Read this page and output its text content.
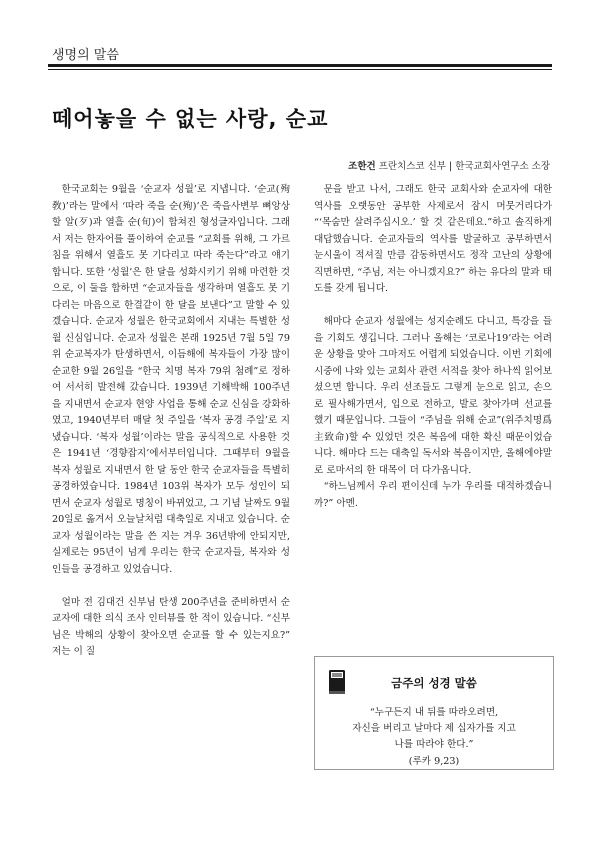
생명의 말씀
떼어놓을 수 없는 사랑, 순교
조한건 프란치스코 신부 | 한국교회사연구소 소장

한국교회는 9월을 ‘순교자 성월’로 지냅니다. ‘순교(殉敎)’라는 말에서 ‘따라 죽을 순(殉)’은 죽을사변부 뼈앙상할 알(歹)과 열흘 순(旬)이 합쳐진 형성글자입니다. 그래서 저는 한자어를 풀이하여 순교를 “교회를 위해, 그 가르침을 위해서 열흘도 못 기다리고 따라 죽는다”라고 얘기합니다. 또한 ‘성월’은 한 달을 성화시키기 위해 마련한 것으로, 이 둘을 합하면 “순교자들을 생각하며 열흘도 못 기다리는 마음으로 한결같이 한 달을 보낸다”고 말할 수 있겠습니다. 순교자 성월은 한국교회에서 지내는 특별한 성월 신심입니다. 순교자 성월은 본래 1925년 7월 5일 79위 순교복자가 탄생하면서, 이듬해에 복자들이 가장 많이 순교한 9월 26일을 “한국 치명 복자 79위 첨례”로 정하여 서서히 발전해 갔습니다. 1939년 기해박해 100주년을 지내면서 순교자 현양 사업을 통해 순교 신심을 강화하였고, 1940년부터 매달 첫 주일을 ‘복자 공경 주일’로 지냈습니다. ‘복자 성월’이라는 말을 공식적으로 사용한 것은 1941년 ‘경향잡지’에서부터입니다. 그때부터 9월을 복자 성월로 지내면서 한 달 동안 한국 순교자들을 특별히 공경하였습니다. 1984년 103위 복자가 모두 성인이 되면서 순교자 성월로 명칭이 바뀌었고, 그 기념 날짜도 9월 20일로 옮겨서 오늘날처럼 대축일로 지내고 있습니다. 순교자 성월이라는 말을 쓴 지는 겨우 36년밖에 안되지만, 실제로는 95년이 넘게 우리는 한국 순교자들, 복자와 성인들을 공경하고 있었습니다.

얼마 전 김대건 신부님 탄생 200주년을 준비하면서 순교자에 대한 의식 조사 인터뷰를 한 적이 있습니다. “신부님은 박해의 상황이 찾아오면 순교를 할 수 있는지요?” 저는 이 질

문을 받고 나서, 그래도 한국 교회사와 순교자에 대한 역사를 오랫동안 공부한 사제로서 잠시 머뭇거리다가 “‘목숨만 살려주십시오.’ 할 것 같은데요.”하고 솔직하게 대답했습니다. 순교자들의 역사를 발굴하고 공부하면서 눈시울이 적셔질 만큼 감동하면서도 정작 고난의 상황에 직면하면, “주님, 저는 아니겠지요?” 하는 유다의 말과 태도를 갖게 됩니다.

해마다 순교자 성월에는 성지순례도 다니고, 특강을 들을 기회도 생깁니다. 그러나 올해는 ‘코로나19’라는 어려운 상황을 맞아 그마저도 어렵게 되었습니다. 이번 기회에 시중에 나와 있는 교회사 관련 서적을 찾아 하나씩 읽어보셨으면 합니다. 우리 선조들도 그렇게 눈으로 읽고, 손으로 필사해가면서, 입으로 전하고, 발로 찾아가며 선교를 했기 때문입니다. 그들이 “주님을 위해 순교”(위주치명爲主致命)할 수 있었던 것은 복음에 대한 확신 때문이었습니다. 해마다 드는 대축일 독서와 복음이지만, 올해에야말로 로마서의 한 대목이 더 다가옵니다.

“하느님께서 우리 편이신데 누가 우리를 대적하겠습니까?” 아멘.

금주의 성경 말씀
“누구든지 내 뒤를 따라오려면,
자신을 버리고 날마다 제 십자가를 지고
나를 따라야 한다.”
(루카 9,23)
